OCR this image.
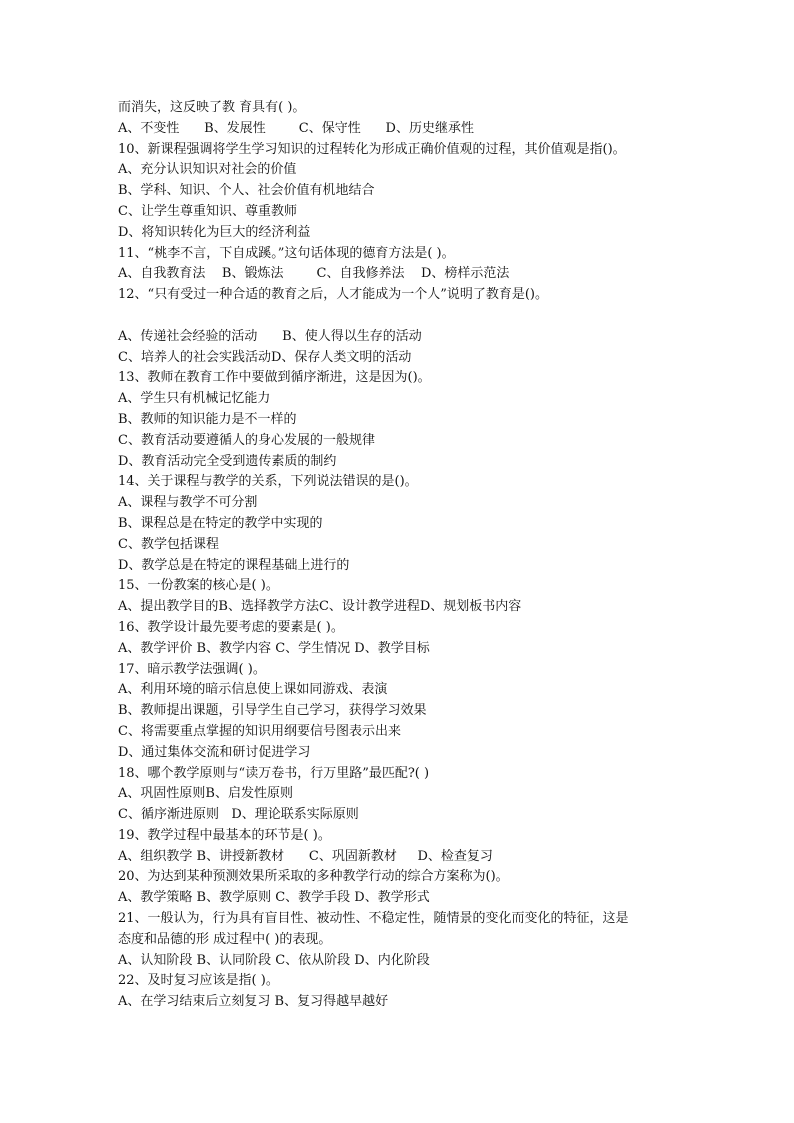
而消失，这反映了教 育具有( )。
A、不变性      B、发展性        C、保守性      D、历史继承性
10、新课程强调将学生学习知识的过程转化为形成正确价值观的过程，其价值观是指()。
A、充分认识知识对社会的价值
B、学科、知识、个人、社会价值有机地结合
C、让学生尊重知识、尊重教师
D、将知识转化为巨大的经济利益
11、“桃李不言，下自成蹊。”这句话体现的德育方法是( )。
A、自我教育法    B、锻炼法        C、自我修养法    D、榜样示范法
12、“只有受过一种合适的教育之后，人才能成为一个人”说明了教育是()。
A、传递社会经验的活动      B、使人得以生存的活动
C、培养人的社会实践活动D、保存人类文明的活动
13、教师在教育工作中要做到循序渐进，这是因为()。
A、学生只有机械记忆能力
B、教师的知识能力是不一样的
C、教育活动要遵循人的身心发展的一般规律
D、教育活动完全受到遗传素质的制约
14、关于课程与教学的关系，下列说法错误的是()。
A、课程与教学不可分割
B、课程总是在特定的教学中实现的
C、教学包括课程
D、教学总是在特定的课程基础上进行的
15、一份教案的核心是( )。
A、提出教学目的B、选择教学方法C、设计教学进程D、规划板书内容
16、教学设计最先要考虑的要素是( )。
A、教学评价 B、教学内容 C、学生情况 D、教学目标
17、暗示教学法强调( )。
A、利用环境的暗示信息使上课如同游戏、表演
B、教师提出课题，引导学生自己学习，获得学习效果
C、将需要重点掌握的知识用纲要信号图表示出来
D、通过集体交流和研讨促进学习
18、哪个教学原则与“读万卷书，行万里路”最匹配?( )
A、巩固性原则B、启发性原则
C、循序渐进原则   D、理论联系实际原则
19、教学过程中最基本的环节是( )。
A、组织教学 B、讲授新教材      C、巩固新教材     D、检查复习
20、为达到某种预测效果所采取的多种教学行动的综合方案称为()。
A、教学策略 B、教学原则 C、教学手段 D、教学形式
21、一般认为，行为具有盲目性、被动性、不稳定性，随情景的变化而变化的特征，这是
态度和品德的形 成过程中( )的表现。
A、认知阶段 B、认同阶段 C、依从阶段 D、内化阶段
22、及时复习应该是指( )。
A、在学习结束后立刻复习 B、复习得越早越好
